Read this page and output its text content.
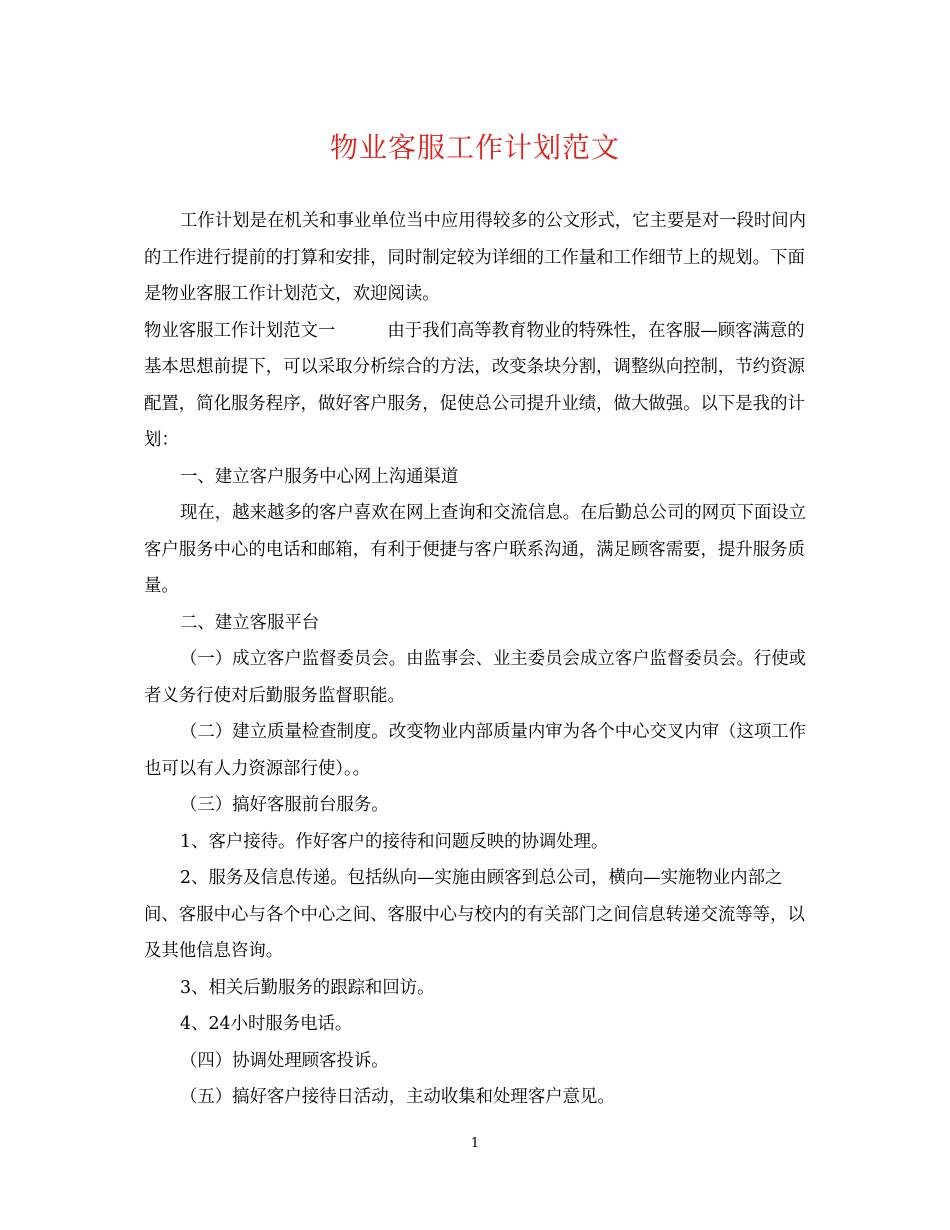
物业客服工作计划范文

工作计划是在机关和事业单位当中应用得较多的公文形式，它主要是对一段时间内的工作进行提前的打算和安排，同时制定较为详细的工作量和工作细节上的规划。下面是物业客服工作计划范文，欢迎阅读。

物业客服工作计划范文一	由于我们高等教育物业的特殊性，在客服—顾客满意的基本思想前提下，可以采取分析综合的方法，改变条块分割，调整纵向控制，节约资源配置，简化服务程序，做好客户服务，促使总公司提升业绩，做大做强。以下是我的计划：

一、建立客户服务中心网上沟通渠道

现在，越来越多的客户喜欢在网上查询和交流信息。在后勤总公司的网页下面设立客户服务中心的电话和邮箱，有利于便捷与客户联系沟通，满足顾客需要，提升服务质量。

二、建立客服平台

（一）成立客户监督委员会。由监事会、业主委员会成立客户监督委员会。行使或者义务行使对后勤服务监督职能。

（二）建立质量检查制度。改变物业内部质量内审为各个中心交叉内审（这项工作也可以有人力资源部行使）。。

（三）搞好客服前台服务。

1、客户接待。作好客户的接待和问题反映的协调处理。

2、服务及信息传递。包括纵向—实施由顾客到总公司，横向—实施物业内部之间、客服中心与各个中心之间、客服中心与校内的有关部门之间信息转递交流等等，以及其他信息咨询。

3、相关后勤服务的跟踪和回访。

4、24小时服务电话。

（四）协调处理顾客投诉。

（五）搞好客户接待日活动，主动收集和处理客户意见。

1
